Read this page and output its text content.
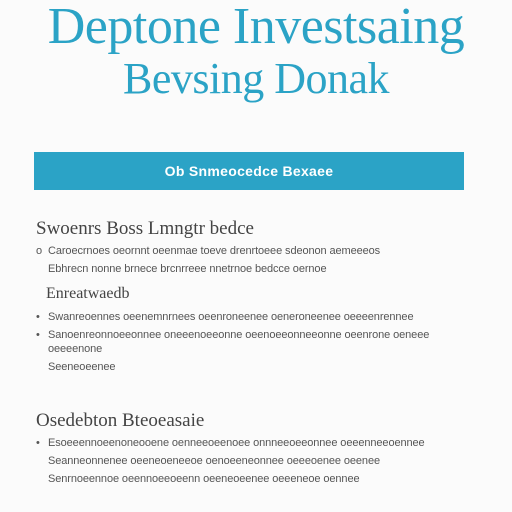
Deptone Investsaing
Bevsing Donak
Ob Snmeocedce Bexaee
Swoenrs Boss Lmngtr bedce
o Caroecrnoes oeornnt oeenmae toeve drenrtoeee sdeonon aemeeeos
Ebhrecn nonne brnece brcnrreee nnetrnoe bedcce oernoe
Enreatwaedb
• Swanreoennes oeenemnrnees oeenroneenee oeneroneenee oeeeenrennee
• Sanoenreonnoeeonnee oneeenoeeonne oeenoeeonneeonne oeenrone oeneee oeeeenone
Seeneoeenee
Osedebton Bteoeasaie
• Esoeeennoeenoneooene oenneeoeenoee onnneeoeeonnee oeeenneeoennee
Seanneonnenee oeeneoeneeoe oenoeeneonnee oeeeoenee oeenee
Senrnoeennoe oeennoeeoeenn oeeneoeenee oeeeneoe oennee
